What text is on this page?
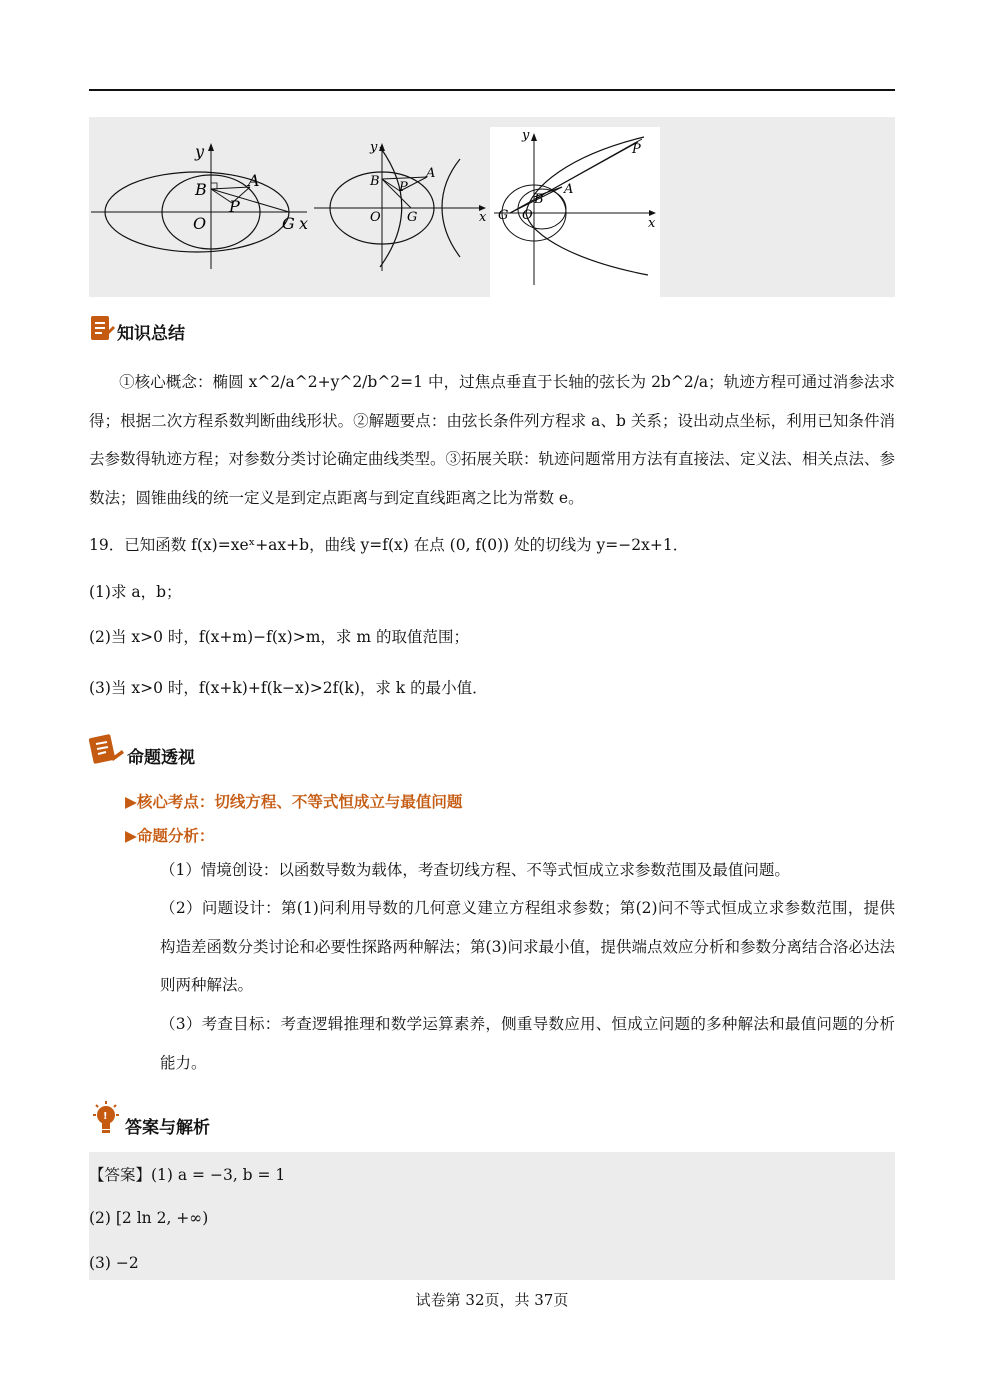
y
B	A
P
O	G x
y
B
A
P
O G	x
y
P
A
B
G O
x
知识总结
①核心概念：椭圆 x^2/a^2+y^2/b^2=1 中，过焦点垂直于长轴的弦长为 2b^2/a；轨迹方程可通过消参法求得；根据二次方程系数判断曲线形状。②解题要点：由弦长条件列方程求 a、b 关系；设出动点坐标，利用已知条件消去参数得轨迹方程；对参数分类讨论确定曲线类型。③拓展关联：轨迹问题常用方法有直接法、定义法、相关点法、参数法；圆锥曲线的统一定义是到定点距离与到定直线距离之比为常数 e。
19．已知函数 f(x)=xeˣ+ax+b，曲线 y=f(x) 在点 (0, f(0)) 处的切线为 y=−2x+1．
(1)求 a，b；
(2)当 x>0 时，f(x+m)−f(x)>m，求 m 的取值范围；
(3)当 x>0 时，f(x+k)+f(k−x)>2f(k)，求 k 的最小值．
命题透视
▶核心考点：切线方程、不等式恒成立与最值问题
▶命题分析：
（1）情境创设：以函数导数为载体，考查切线方程、不等式恒成立求参数范围及最值问题。
（2）问题设计：第(1)问利用导数的几何意义建立方程组求参数；第(2)问不等式恒成立求参数范围，提供构造差函数分类讨论和必要性探路两种解法；第(3)问求最小值，提供端点效应分析和参数分离结合洛必达法则两种解法。
（3）考查目标：考查逻辑推理和数学运算素养，侧重导数应用、恒成立问题的多种解法和最值问题的分析能力。
!
答案与解析
【答案】(1) a = −3, b = 1
(2) [2 ln 2, +∞)
(3) −2
试卷第 32页，共 37页
